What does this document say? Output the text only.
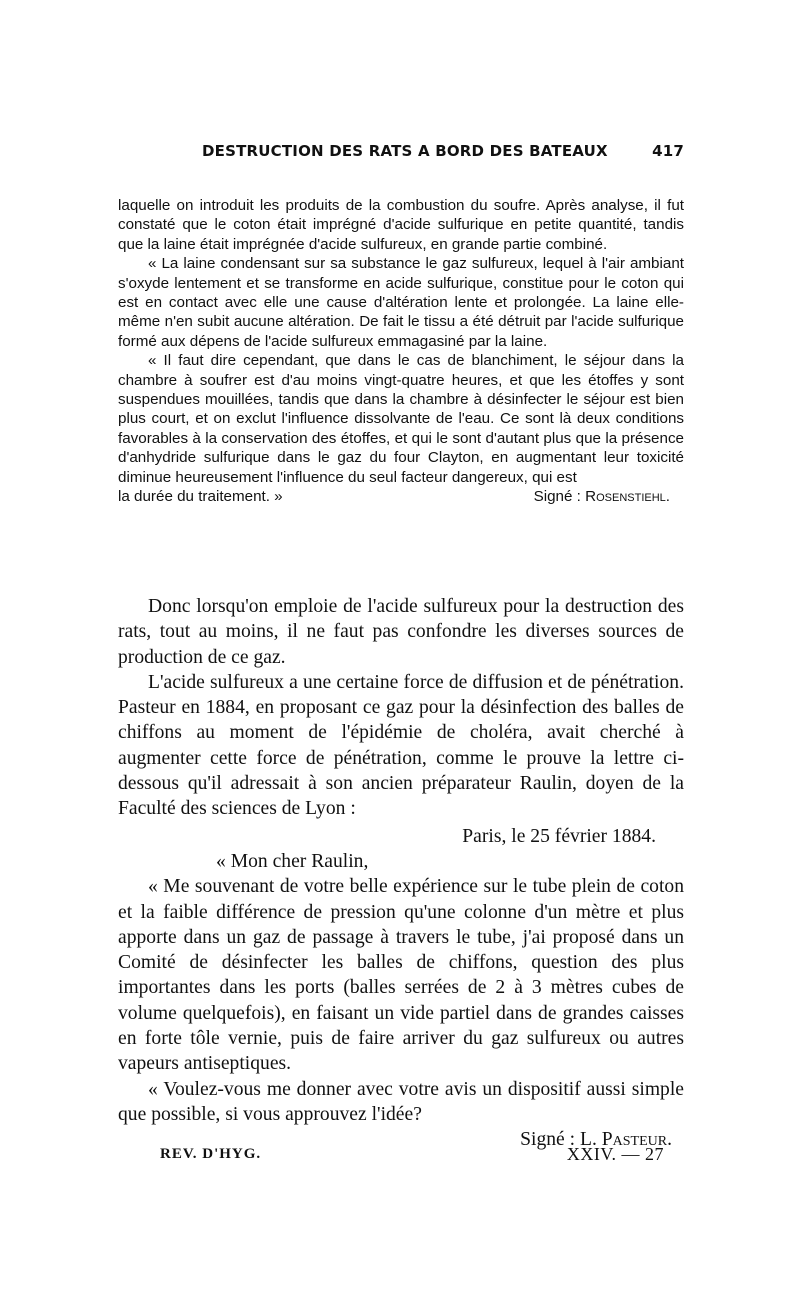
DESTRUCTION DES RATS A BORD DES BATEAUX	417

laquelle on introduit les produits de la combustion du soufre. Après analyse, il fut constaté que le coton était imprégné d'acide sulfurique en petite quantité, tandis que la laine était imprégnée d'acide sulfureux, en grande partie combiné.

« La laine condensant sur sa substance le gaz sulfureux, lequel à l'air ambiant s'oxyde lentement et se transforme en acide sulfurique, constitue pour le coton qui est en contact avec elle une cause d'altération lente et prolongée. La laine elle-même n'en subit aucune altération. De fait le tissu a été détruit par l'acide sulfurique formé aux dépens de l'acide sulfureux emmagasiné par la laine.

« Il faut dire cependant, que dans le cas de blanchiment, le séjour dans la chambre à soufrer est d'au moins vingt-quatre heures, et que les étoffes y sont suspendues mouillées, tandis que dans la chambre à désinfecter le séjour est bien plus court, et on exclut l'influence dissolvante de l'eau. Ce sont là deux conditions favorables à la conservation des étoffes, et qui le sont d'autant plus que la présence d'anhydride sulfurique dans le gaz du four Clayton, en augmentant leur toxicité diminue heureusement l'influence du seul facteur dangereux, qui est

la durée du traitement. »	Signé : Rosenstiehl.

Donc lorsqu'on emploie de l'acide sulfureux pour la destruction des rats, tout au moins, il ne faut pas confondre les diverses sources de production de ce gaz.

L'acide sulfureux a une certaine force de diffusion et de pénétration. Pasteur en 1884, en proposant ce gaz pour la désinfection des balles de chiffons au moment de l'épidémie de choléra, avait cherché à augmenter cette force de pénétration, comme le prouve la lettre ci-dessous qu'il adressait à son ancien préparateur Raulin, doyen de la Faculté des sciences de Lyon :

Paris, le 25 février 1884.

« Mon cher Raulin,

« Me souvenant de votre belle expérience sur le tube plein de coton et la faible différence de pression qu'une colonne d'un mètre et plus apporte dans un gaz de passage à travers le tube, j'ai proposé dans un Comité de désinfecter les balles de chiffons, question des plus importantes dans les ports (balles serrées de 2 à 3 mètres cubes de volume quelquefois), en faisant un vide partiel dans de grandes caisses en forte tôle vernie, puis de faire arriver du gaz sulfureux ou autres vapeurs antiseptiques.

« Voulez-vous me donner avec votre avis un dispositif aussi simple que possible, si vous approuvez l'idée?

Signé : L. Pasteur.

REV. D'HYG.	XXIV. — 27
